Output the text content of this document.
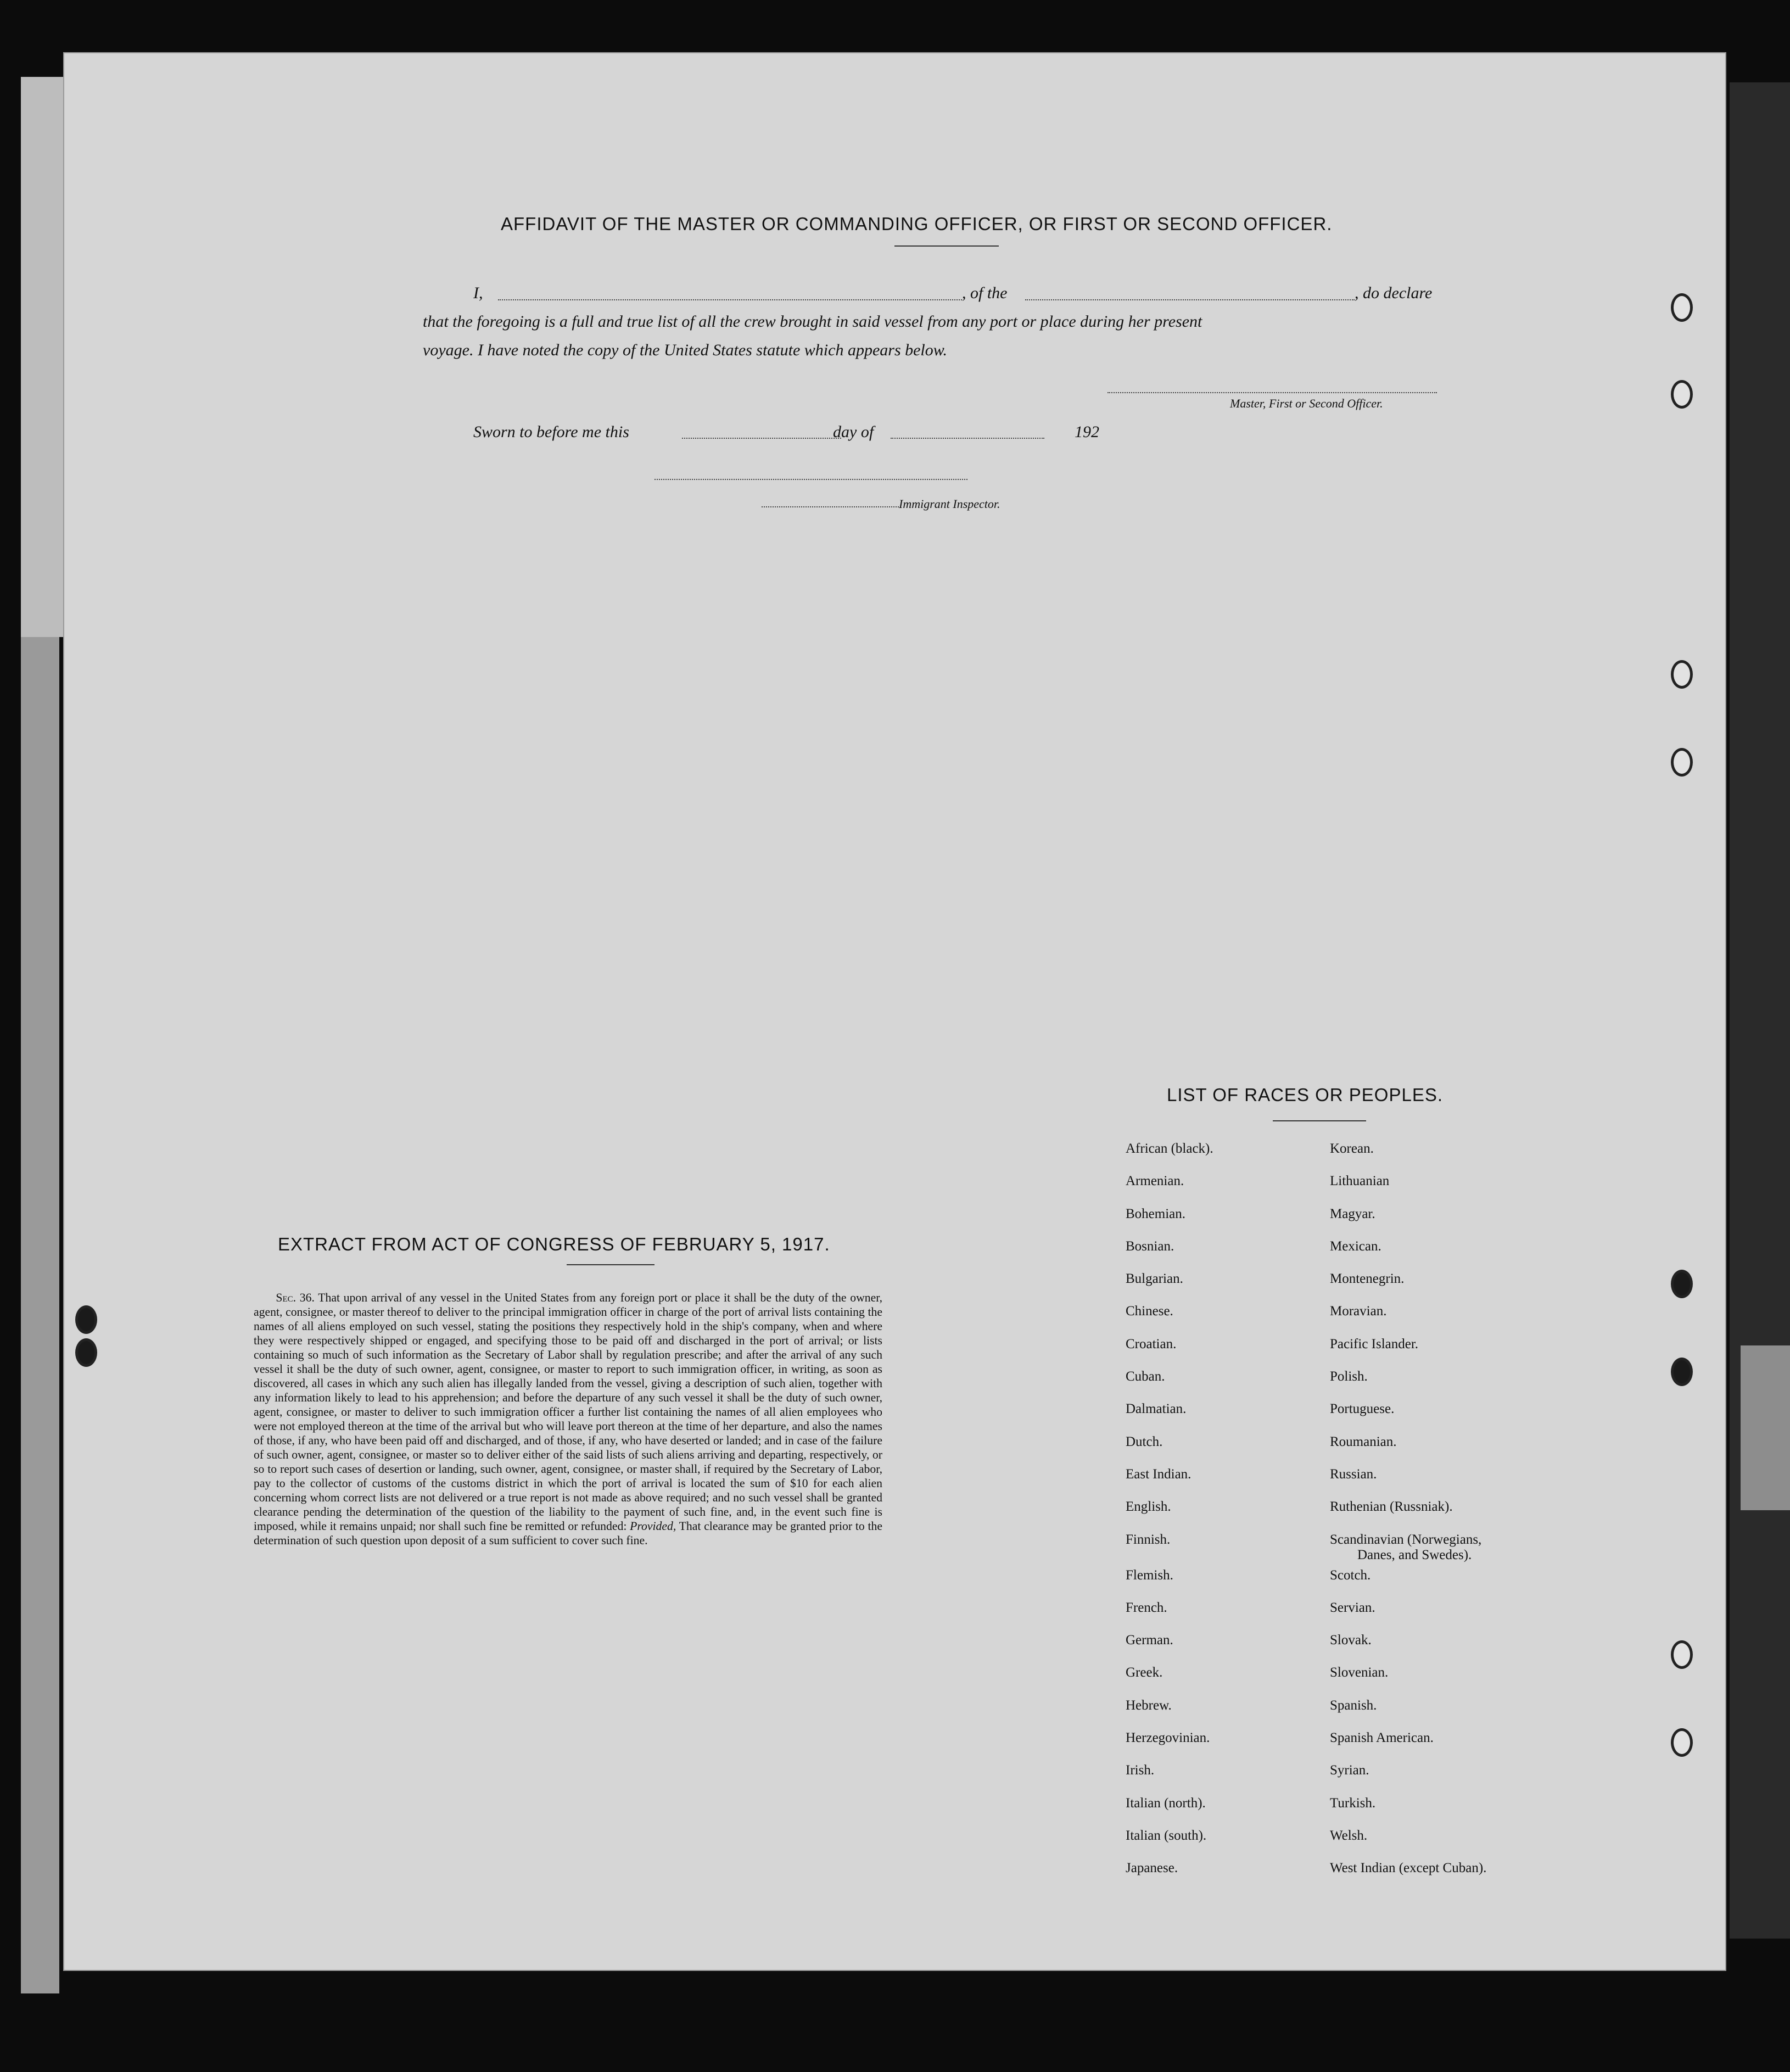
AFFIDAVIT OF THE MASTER OR COMMANDING OFFICER, OR FIRST OR SECOND OFFICER.
I,	, of the	, do declare
that the foregoing is a full and true list of all the crew brought in said vessel from any port or place during her present
voyage. I have noted the copy of the United States statute which appears below.
Master, First or Second Officer.
Sworn to before me this	day of	192
Immigrant Inspector.
EXTRACT FROM ACT OF CONGRESS OF FEBRUARY 5, 1917.
Sec. 36. That upon arrival of any vessel in the United States from any foreign port or place it shall be the duty of the owner, agent, consignee, or master thereof to deliver to the principal immigration officer in charge of the port of arrival lists containing the names of all aliens employed on such vessel, stating the positions they respectively hold in the ship's company, when and where they were respectively shipped or engaged, and specifying those to be paid off and discharged in the port of arrival; or lists containing so much of such information as the Secretary of Labor shall by regulation prescribe; and after the arrival of any such vessel it shall be the duty of such owner, agent, consignee, or master to report to such immigration officer, in writing, as soon as discovered, all cases in which any such alien has illegally landed from the vessel, giving a description of such alien, together with any information likely to lead to his apprehension; and before the departure of any such vessel it shall be the duty of such owner, agent, consignee, or master to deliver to such immigration officer a further list containing the names of all alien employees who were not employed thereon at the time of the arrival but who will leave port thereon at the time of her departure, and also the names of those, if any, who have been paid off and discharged, and of those, if any, who have deserted or landed; and in case of the failure of such owner, agent, consignee, or master so to deliver either of the said lists of such aliens arriving and departing, respectively, or so to report such cases of desertion or landing, such owner, agent, consignee, or master shall, if required by the Secretary of Labor, pay to the collector of customs of the customs district in which the port of arrival is located the sum of $10 for each alien concerning whom correct lists are not delivered or a true report is not made as above required; and no such vessel shall be granted clearance pending the determination of the question of the liability to the payment of such fine, and, in the event such fine is imposed, while it remains unpaid; nor shall such fine be remitted or refunded: Provided, That clearance may be granted prior to the determination of such question upon deposit of a sum sufficient to cover such fine.
LIST OF RACES OR PEOPLES.
African (black).	Korean.
Armenian.	Lithuanian
Bohemian.	Magyar.
Bosnian.	Mexican.
Bulgarian.	Montenegrin.
Chinese.	Moravian.
Croatian.	Pacific Islander.
Cuban.	Polish.
Dalmatian.	Portuguese.
Dutch.	Roumanian.
East Indian.	Russian.
English.	Ruthenian (Russniak).
Finnish.	Scandinavian (Norwegians,
Danes, and Swedes).
Flemish.	Scotch.
French.	Servian.
German.	Slovak.
Greek.	Slovenian.
Hebrew.	Spanish.
Herzegovinian.	Spanish American.
Irish.	Syrian.
Italian (north).	Turkish.
Italian (south).	Welsh.
Japanese.	West Indian (except Cuban).
